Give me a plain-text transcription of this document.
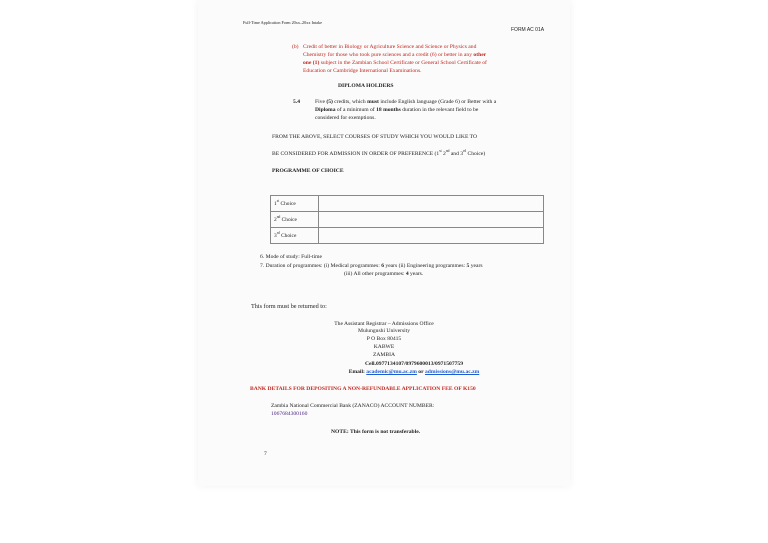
Full-Time Application Form 20xx–20xx Intake
FORM AC 01A
(b) Credit of better in Biology or Agriculture Science and Science or Physics and
Chemistry for those who took pure sciences and a credit (6) or better in any other
one (1) subject in the Zambian School Certificate or General School Certificate of
Education or Cambridge International Examinations.
DIPLOMA HOLDERS
5.4	Five (5) credits, which must include English language (Grade 6) or Better with a
Diploma of a minimum of 18 months duration in the relevant field to be
considered for exemptions.
FROM THE ABOVE, SELECT COURSES OF STUDY WHICH YOU WOULD LIKE TO
BE CONSIDERED FOR ADMISSION IN ORDER OF PREFERENCE (1st 2nd and 3rd Choice)
PROGRAMME OF CHOICE
1st Choice	
2nd Choice	
3rd Choice	
6. Mode of study: Full-time
7. Duration of programmes: (i) Medical programmes: 6 years (ii) Engineering programmes: 5 years
(iii) All other programmes: 4 years.
This form must be returned to:
The Assistant Registrar – Admissions Office
Mulungushi University
P O Box 80415
KABWE
ZAMBIA
Cell.0977134107/0979600013/0971507759
Email: academic@mu.ac.zm or admissions@mu.ac.zm
BANK DETAILS FOR DEPOSITING A NON-REFUNDABLE APPLICATION FEE OF K150
Zambia National Commercial Bank (ZANACO) ACCOUNT NUMBER:
1067684300160
NOTE: This form is not transferable.
7
